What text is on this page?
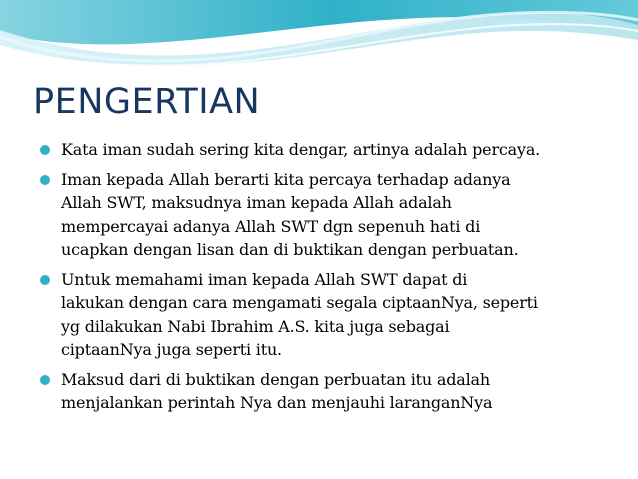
PENGERTIAN
Kata iman sudah sering kita dengar, artinya adalah percaya.
Iman kepada Allah berarti kita percaya terhadap adanya
Allah SWT, maksudnya iman kepada Allah adalah
mempercayai adanya Allah SWT dgn sepenuh hati di
ucapkan dengan lisan dan di buktikan dengan perbuatan.
Untuk memahami iman kepada Allah SWT dapat di
lakukan dengan cara mengamati segala ciptaanNya, seperti
yg dilakukan Nabi Ibrahim A.S. kita juga sebagai
ciptaanNya juga seperti itu.
Maksud dari di buktikan dengan perbuatan itu adalah
menjalankan perintah Nya dan menjauhi laranganNya
